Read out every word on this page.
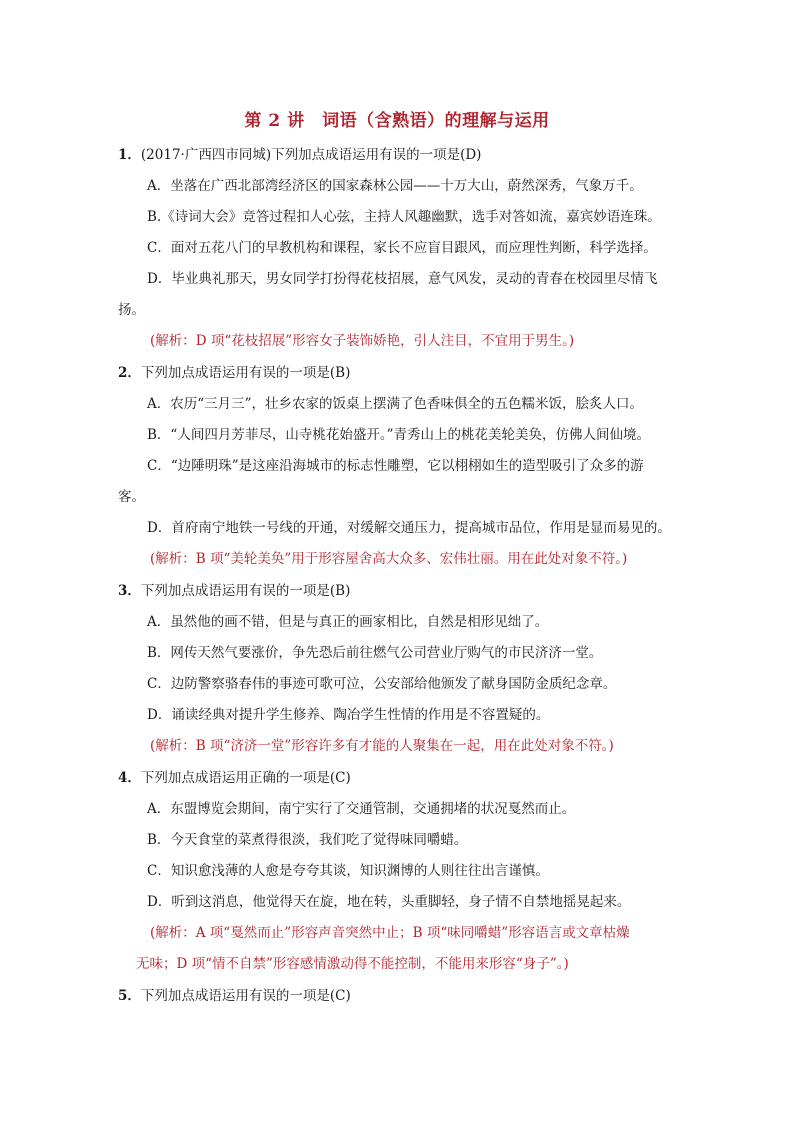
第 2 讲　词语（含熟语）的理解与运用
1．(2017·广西四市同城)下列加点成语运用有误的一项是(D)
A．坐落在广西北部湾经济区的国家森林公园——十万大山，蔚然深秀，气象万千。
B.《诗词大会》竞答过程扣人心弦，主持人风趣幽默，选手对答如流，嘉宾妙语连珠。
C．面对五花八门的早教机构和课程，家长不应盲目跟风，而应理性判断，科学选择。
D．毕业典礼那天，男女同学打扮得花枝招展，意气风发，灵动的青春在校园里尽情飞
扬。
(解析：D 项“花枝招展”形容女子装饰娇艳，引人注目，不宜用于男生。)
2．下列加点成语运用有误的一项是(B)
A．农历“三月三”，壮乡农家的饭桌上摆满了色香味俱全的五色糯米饭，脍炙人口。
B．“人间四月芳菲尽，山寺桃花始盛开。”青秀山上的桃花美轮美奂，仿佛人间仙境。
C．“边陲明珠”是这座沿海城市的标志性雕塑，它以栩栩如生的造型吸引了众多的游
客。
D．首府南宁地铁一号线的开通，对缓解交通压力，提高城市品位，作用是显而易见的。
(解析：B 项“美轮美奂”用于形容屋舍高大众多、宏伟壮丽。用在此处对象不符。)
3．下列加点成语运用有误的一项是(B)
A．虽然他的画不错，但是与真正的画家相比，自然是相形见绌了。
B．网传天然气要涨价，争先恐后前往燃气公司营业厅购气的市民济济一堂。
C．边防警察骆春伟的事迹可歌可泣，公安部给他颁发了献身国防金质纪念章。
D．诵读经典对提升学生修养、陶冶学生性情的作用是不容置疑的。
(解析：B 项“济济一堂”形容许多有才能的人聚集在一起，用在此处对象不符。)
4．下列加点成语运用正确的一项是(C)
A．东盟博览会期间，南宁实行了交通管制，交通拥堵的状况戛然而止。
B．今天食堂的菜煮得很淡，我们吃了觉得味同嚼蜡。
C．知识愈浅薄的人愈是夸夸其谈，知识渊博的人则往往出言谨慎。
D．听到这消息，他觉得天在旋，地在转，头重脚轻，身子情不自禁地摇晃起来。
(解析：A 项“戛然而止”形容声音突然中止；B 项“味同嚼蜡”形容语言或文章枯燥
无味；D 项“情不自禁”形容感情激动得不能控制，不能用来形容“身子”。)
5．下列加点成语运用有误的一项是(C)
